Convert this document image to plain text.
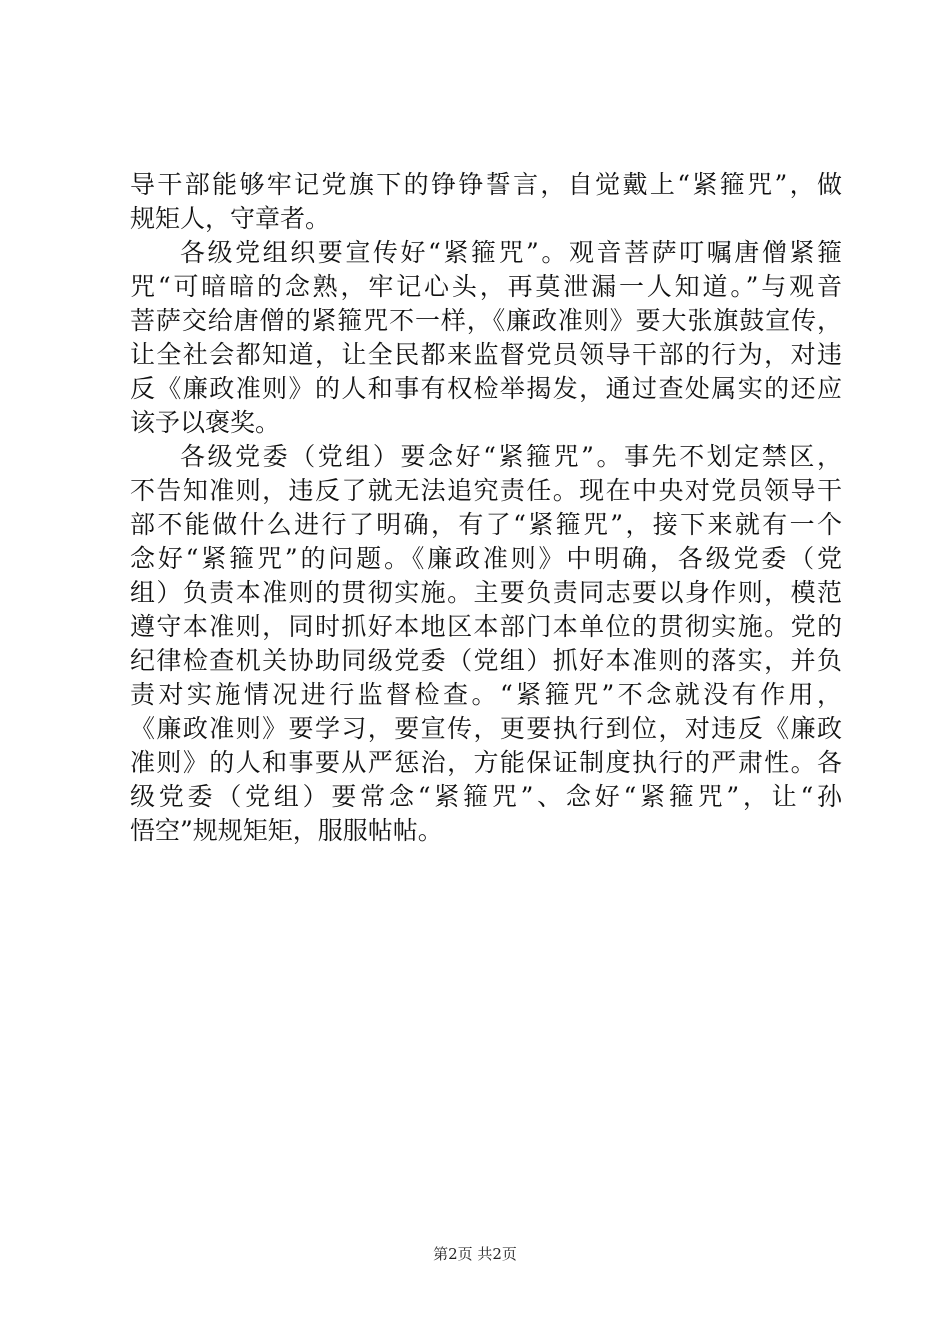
导干部能够牢记党旗下的铮铮誓言，自觉戴上“紧箍咒”，做
规矩人，守章者。
各级党组织要宣传好“紧箍咒”。观音菩萨叮嘱唐僧紧箍
咒“可暗暗的念熟，牢记心头，再莫泄漏一人知道。”与观音
菩萨交给唐僧的紧箍咒不一样，《廉政准则》要大张旗鼓宣传，
让全社会都知道，让全民都来监督党员领导干部的行为，对违
反《廉政准则》的人和事有权检举揭发，通过查处属实的还应
该予以褒奖。
各级党委（党组）要念好“紧箍咒”。事先不划定禁区，
不告知准则，违反了就无法追究责任。现在中央对党员领导干
部不能做什么进行了明确，有了“紧箍咒”，接下来就有一个
念好“紧箍咒”的问题。《廉政准则》中明确，各级党委（党
组）负责本准则的贯彻实施。主要负责同志要以身作则，模范
遵守本准则，同时抓好本地区本部门本单位的贯彻实施。党的
纪律检查机关协助同级党委（党组）抓好本准则的落实，并负
责对实施情况进行监督检查。“紧箍咒”不念就没有作用，
《廉政准则》要学习，要宣传，更要执行到位，对违反《廉政
准则》的人和事要从严惩治，方能保证制度执行的严肃性。各
级党委（党组）要常念“紧箍咒”、念好“紧箍咒”，让“孙
悟空”规规矩矩，服服帖帖。
第2页 共2页
